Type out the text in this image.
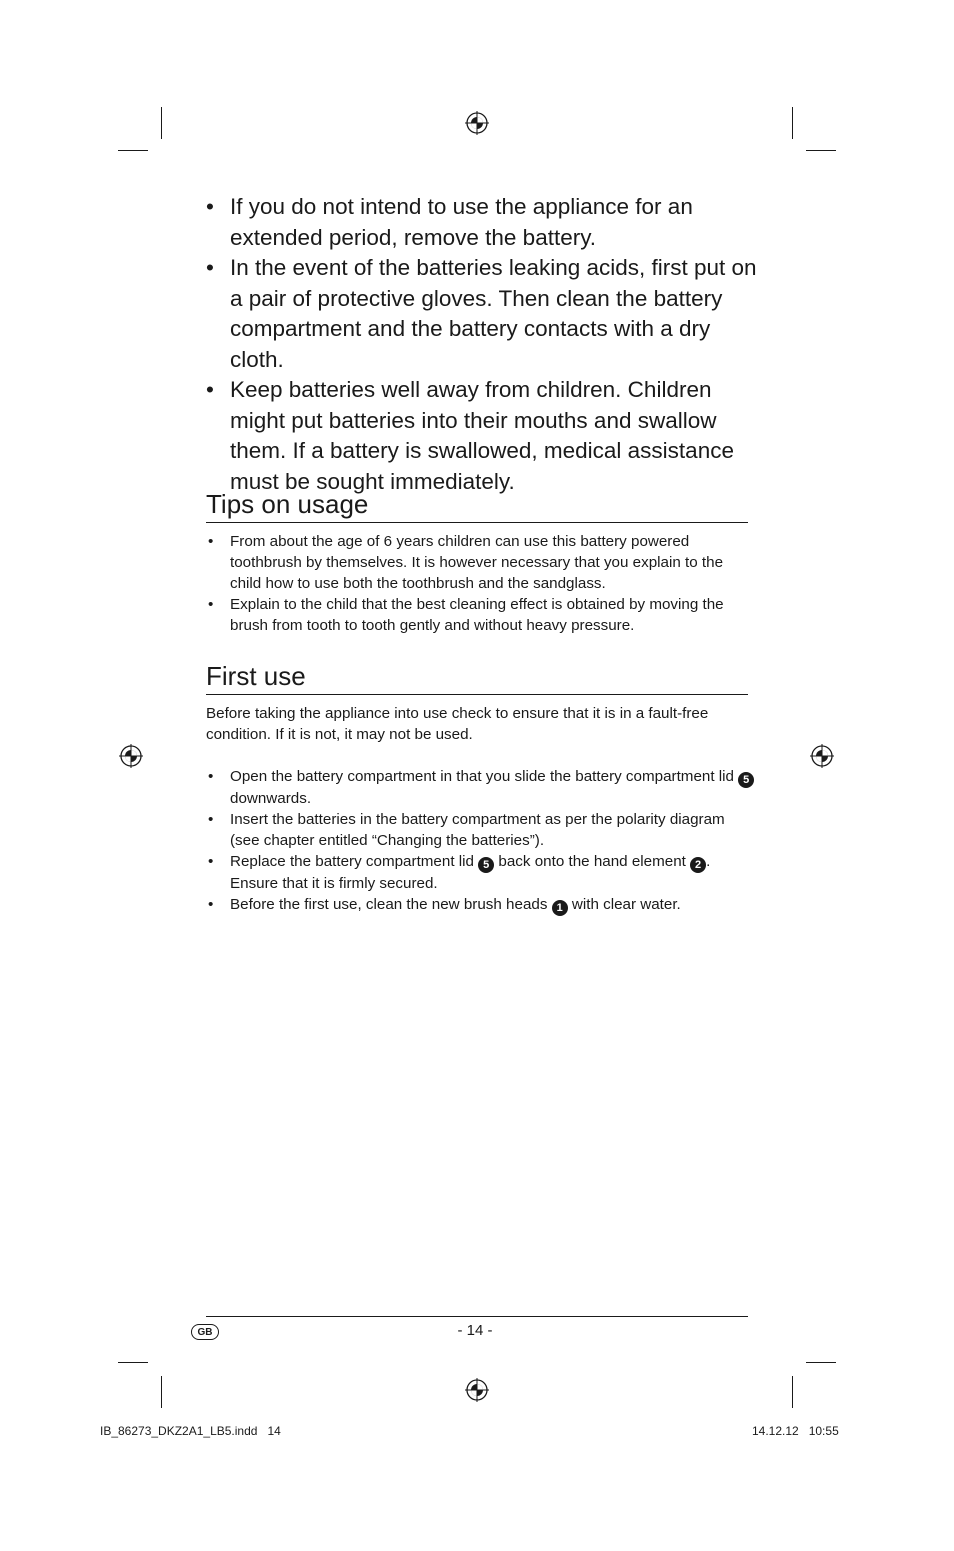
• If you do not intend to use the appliance for an extended period, remove the battery.
• In the event of the batteries leaking acids, first put on a pair of protective gloves. Then clean the battery compartment and the battery contacts with a dry cloth.
• Keep batteries well away from children. Children might put batteries into their mouths and swallow them. If a battery is swallowed, medical assistance must be sought immediately.
Tips on usage
• From about the age of 6 years children can use this battery powered toothbrush by themselves. It is however necessary that you explain to the child how to use both the toothbrush and the sandglass.
• Explain to the child that the best cleaning effect is obtained by moving the brush from tooth to tooth gently and without heavy pressure.
First use

Before taking the appliance into use check to ensure that it is in a fault-free condition. If it is not, it may not be used.

• Open the battery compartment in that you slide the battery compartment lid 5 downwards.
• Insert the batteries in the battery compartment as per the polarity diagram (see chapter entitled “Changing the batteries”).
• Replace the battery compartment lid 5 back onto the hand element 2 . Ensure that it is firmly secured.
• Before the first use, clean the new brush heads 1 with clear water.
GB	- 14 -
IB_86273_DKZ2A1_LB5.indd   14	14.12.12   10:55
